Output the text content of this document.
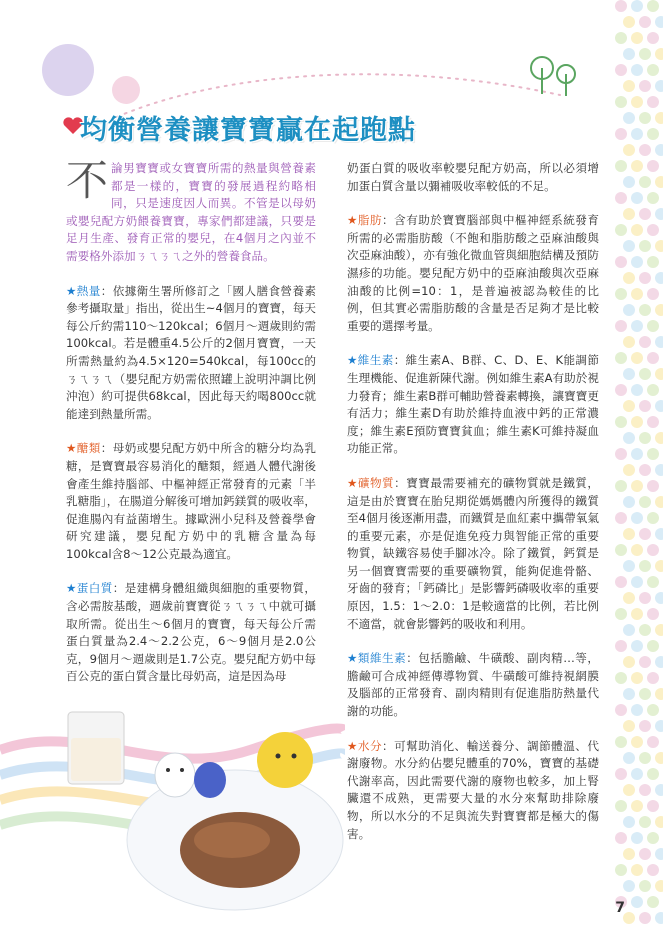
均衡營養讓寶寶贏在起跑點

不論男寶寶或女寶寶所需的熱量與營養素都是一樣的，寶寶的發展過程約略相同，只是速度因人而異。不管是以母奶或嬰兒配方奶餵養寶寶，專家們都建議，只要是足月生產、發育正常的嬰兒，在4個月之內並不需要格外添加ㄋㄟㄋㄟ之外的營養食品。

★熱量：依據衛生署所修訂之「國人膳食營養素參考攝取量」指出，從出生~4個月的寶寶，每天每公斤約需110～120kcal；6個月～週歲則約需100kcal。若是體重4.5公斤的2個月寶寶，一天所需熱量約為4.5×120=540kcal，每100cc的ㄋㄟㄋㄟ（嬰兒配方奶需依照罐上說明沖調比例沖泡）約可提供68kcal，因此每天約喝800cc就能達到熱量所需。

★醣類：母奶或嬰兒配方奶中所含的糖分均為乳糖，是寶寶最容易消化的醣類，經過人體代謝後會產生維持腦部、中樞神經正常發育的元素「半乳糖脂」，在腸道分解後可增加鈣鎂質的吸收率，促進腸內有益菌增生。據歐洲小兒科及營養學會研究建議，嬰兒配方奶中的乳糖含量為每100kcal含8～12公克最為適宜。

★蛋白質：是建構身體組織與細胞的重要物質，含必需胺基酸，週歲前寶寶從ㄋㄟㄋㄟ中就可攝取所需。從出生～6個月的寶寶，每天每公斤需蛋白質量為2.4～2.2公克，6～9個月是2.0公克，9個月～週歲則是1.7公克。嬰兒配方奶中每百公克的蛋白質含量比母奶高，這是因為母

奶蛋白質的吸收率較嬰兒配方奶高，所以必須增加蛋白質含量以彌補吸收率較低的不足。

★脂肪：含有助於寶寶腦部與中樞神經系統發育所需的必需脂肪酸（不飽和脂肪酸之亞麻油酸與次亞麻油酸），亦有強化微血管與細胞結構及預防濕疹的功能。嬰兒配方奶中的亞麻油酸與次亞麻油酸的比例=10：1，是普遍被認為較佳的比例，但其實必需脂肪酸的含量是否足夠才是比較重要的選擇考量。

★維生素：維生素A、B群、C、D、E、K能調節生理機能、促進新陳代謝。例如維生素A有助於視力發育；維生素B群可輔助營養素轉換，讓寶寶更有活力；維生素D有助於維持血液中鈣的正常濃度；維生素E預防寶寶貧血；維生素K可維持凝血功能正常。

★礦物質：寶寶最需要補充的礦物質就是鐵質，這是由於寶寶在胎兒期從媽媽體內所獲得的鐵質至4個月後逐漸用盡，而鐵質是血紅素中攜帶氧氣的重要元素，亦是促進免疫力與智能正常的重要物質，缺鐵容易使手腳冰冷。除了鐵質，鈣質是另一個寶寶需要的重要礦物質，能夠促進骨骼、牙齒的發育；「鈣磷比」是影響鈣磷吸收率的重要原因，1.5：1～2.0：1是較適當的比例，若比例不適當，就會影響鈣的吸收和利用。

★類維生素：包括膽鹼、牛磺酸、副肉精…等，膽鹼可合成神經傳導物質、牛磺酸可維持視網膜及腦部的正常發育、副肉精則有促進脂肪熱量代謝的功能。

★水分：可幫助消化、輸送養分、調節體溫、代謝廢物。水分約佔嬰兒體重的70%，寶寶的基礎代謝率高，因此需要代謝的廢物也較多，加上腎臟還不成熟，更需要大量的水分來幫助排除廢物，所以水分的不足與流失對寶寶都是極大的傷害。

7
